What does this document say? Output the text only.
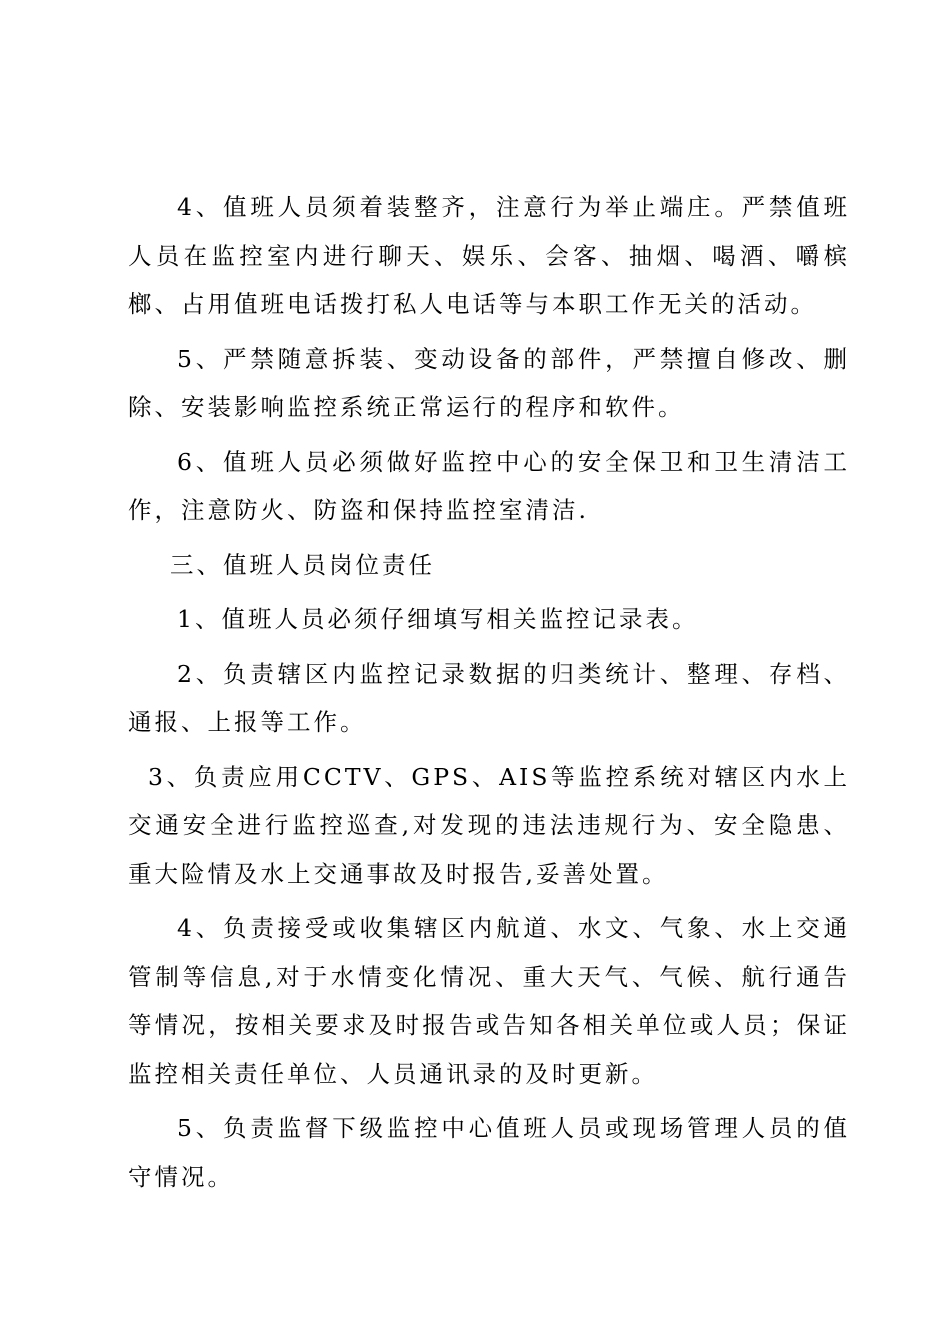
4、值班人员须着装整齐，注意行为举止端庄。严禁值班人员在监控室内进行聊天、娱乐、会客、抽烟、喝酒、嚼槟榔、占用值班电话拨打私人电话等与本职工作无关的活动。

5、严禁随意拆装、变动设备的部件，严禁擅自修改、删除、安装影响监控系统正常运行的程序和软件。

6、值班人员必须做好监控中心的安全保卫和卫生清洁工作，注意防火、防盗和保持监控室清洁.

三、值班人员岗位责任

1、值班人员必须仔细填写相关监控记录表。

2、负责辖区内监控记录数据的归类统计、整理、存档、通报、上报等工作。

3、负责应用CCTV、GPS、AIS等监控系统对辖区内水上交通安全进行监控巡查,对发现的违法违规行为、安全隐患、重大险情及水上交通事故及时报告,妥善处置。

4、负责接受或收集辖区内航道、水文、气象、水上交通管制等信息,对于水情变化情况、重大天气、气候、航行通告等情况，按相关要求及时报告或告知各相关单位或人员；保证监控相关责任单位、人员通讯录的及时更新。

5、负责监督下级监控中心值班人员或现场管理人员的值守情况。
